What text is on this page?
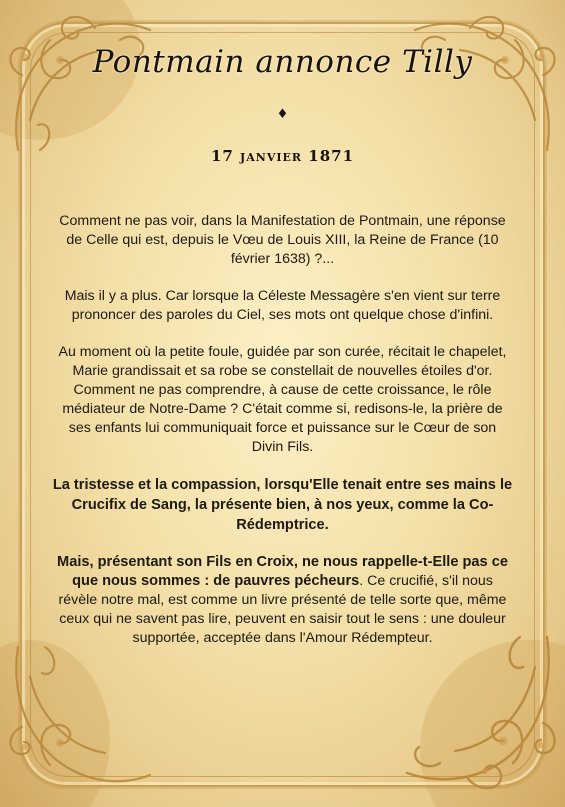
Pontmain annonce Tilly
♦
17 janvier 1871

Comment ne pas voir, dans la Manifestation de Pontmain, une réponse de Celle qui est, depuis le Vœu de Louis XIII, la Reine de France (10 février 1638) ?...

Mais il y a plus. Car lorsque la Céleste Messagère s'en vient sur terre prononcer des paroles du Ciel, ses mots ont quelque chose d'infini.

Au moment où la petite foule, guidée par son curée, récitait le chapelet, Marie grandissait et sa robe se constellait de nouvelles étoiles d'or. Comment ne pas comprendre, à cause de cette croissance, le rôle médiateur de Notre-Dame ? C'était comme si, redisons-le, la prière de ses enfants lui communiquait force et puissance sur le Cœur de son Divin Fils.

La tristesse et la compassion, lorsqu'Elle tenait entre ses mains le Crucifix de Sang, la présente bien, à nos yeux, comme la Co-Rédemptrice.

Mais, présentant son Fils en Croix, ne nous rappelle-t-Elle pas ce que nous sommes : de pauvres pécheurs. Ce crucifié, s'il nous révèle notre mal, est comme un livre présenté de telle sorte que, même ceux qui ne savent pas lire, peuvent en saisir tout le sens : une douleur supportée, acceptée dans l'Amour Rédempteur.
